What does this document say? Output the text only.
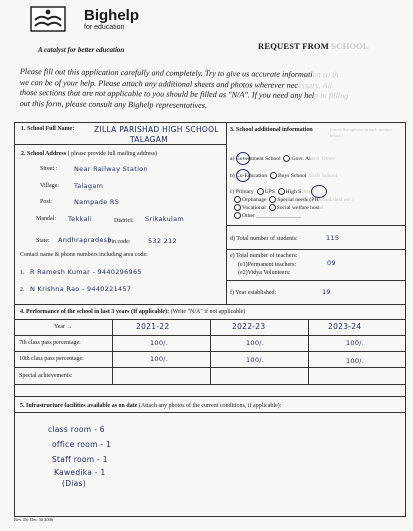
Bighelp
for education
A catalyst for better education	REQUEST FROM SCHOOL
Please fill out this application carefully and completely. Try to give us accurate information so th
we can be of your help. Please attach any additional sheets and photos wherever necessary. All
those sections that are not applicable to you should be filled as "N/A". If you need any help in filling
out this form, please consult any Bighelp representatives.
1. School Full Name:	ZILLA PARISHAD HIGH SCHOOL
TALAGAM
2. School Address ( please provide full mailing address)
Street :	Near Railway Station
Village: Talagam
Post:	Nampade RS
Mandal: Tekkali	District: Srikakulam
State: Andhrapradesh
Pin code:	532 212
Contact name & phone numbers including area code:
1. R Ramesh Kumar - 9440296965
2. N Krishna Rao - 9440221457
3. School additional information	(circle the options in each section below)
a) Government School Govt. Aided Other
b) Co-Education Boys School Girls School
c) Primary UPS High School
Orphanage Special needs (PH/blind/deaf etc.)
Vocational Social welfare hostel
Other ________________
d) Total number of students:	115
e) Total number of teachers:
(e1)Permanent teachers:	09
(e2)Vidya Volunteers:
f) Year established:	19
4. Performance of the school in last 3 years (If applicable): (Write "N/A" if not applicable)
Year →	2021-22	2022-23	2023-24
7th class pass percentage:	100/.	100/.	100/.
10th class pass percentage:	100/.	100/.	100/.
Special achievements:
5. Infrastructure facilities available as on date (Attach any photos of the current conditions, if applicable):
class room - 6
office room - 1
Staff room - 1
Kawedika - 1
(Dias)
Rev. Dt: Dec 30 2006
